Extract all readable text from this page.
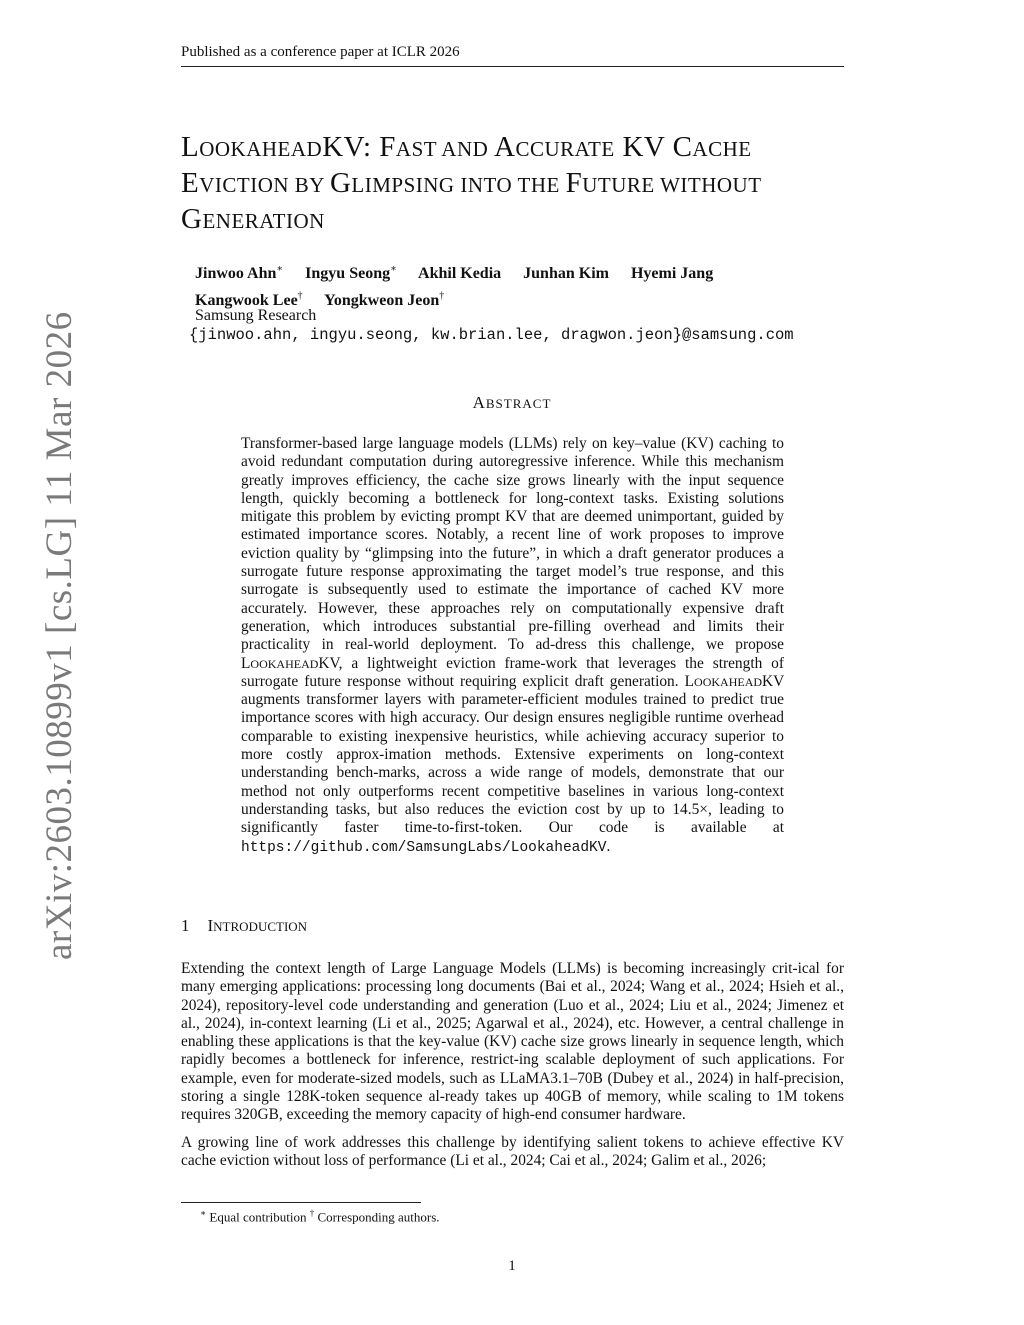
Published as a conference paper at ICLR 2026
LOOKAHEADKV: FAST AND ACCURATE KV CACHE
EVICTION BY GLIMPSING INTO THE FUTURE WITHOUT
GENERATION
Jinwoo Ahn∗ Ingyu Seong∗ Akhil Kedia Junhan Kim Hyemi Jang
Kangwook Lee† Yongkweon Jeon†
Samsung Research
{jinwoo.ahn, ingyu.seong, kw.brian.lee, dragwon.jeon}@samsung.com
ABSTRACT
Transformer-based large language models (LLMs) rely on key–value (KV) caching to avoid redundant computation during autoregressive inference. While this mechanism greatly improves efficiency, the cache size grows linearly with the input sequence length, quickly becoming a bottleneck for long-context tasks. Existing solutions mitigate this problem by evicting prompt KV that are deemed unimportant, guided by estimated importance scores. Notably, a recent line of work proposes to improve eviction quality by “glimpsing into the future”, in which a draft generator produces a surrogate future response approximating the target model’s true response, and this surrogate is subsequently used to estimate the importance of cached KV more accurately. However, these approaches rely on computationally expensive draft generation, which introduces substantial pre-filling overhead and limits their practicality in real-world deployment. To ad-dress this challenge, we propose LOOKAHEADKV, a lightweight eviction frame-work that leverages the strength of surrogate future response without requiring explicit draft generation. LOOKAHEADKV augments transformer layers with parameter-efficient modules trained to predict true importance scores with high accuracy. Our design ensures negligible runtime overhead comparable to existing inexpensive heuristics, while achieving accuracy superior to more costly approx-imation methods. Extensive experiments on long-context understanding bench-marks, across a wide range of models, demonstrate that our method not only outperforms recent competitive baselines in various long-context understanding tasks, but also reduces the eviction cost by up to 14.5×, leading to significantly faster time-to-first-token. Our code is available at https://github.com/SamsungLabs/LookaheadKV.
1 INTRODUCTION

Extending the context length of Large Language Models (LLMs) is becoming increasingly crit-ical for many emerging applications: processing long documents (Bai et al., 2024; Wang et al., 2024; Hsieh et al., 2024), repository-level code understanding and generation (Luo et al., 2024; Liu et al., 2024; Jimenez et al., 2024), in-context learning (Li et al., 2025; Agarwal et al., 2024), etc. However, a central challenge in enabling these applications is that the key-value (KV) cache size grows linearly in sequence length, which rapidly becomes a bottleneck for inference, restrict-ing scalable deployment of such applications. For example, even for moderate-sized models, such as LLaMA3.1–70B (Dubey et al., 2024) in half-precision, storing a single 128K-token sequence al-ready takes up 40GB of memory, while scaling to 1M tokens requires 320GB, exceeding the memory capacity of high-end consumer hardware.

A growing line of work addresses this challenge by identifying salient tokens to achieve effective KV cache eviction without loss of performance (Li et al., 2024; Cai et al., 2024; Galim et al., 2026;

∗ Equal contribution † Corresponding authors.
1
arXiv:2603.10899v1 [cs.LG] 11 Mar 2026
